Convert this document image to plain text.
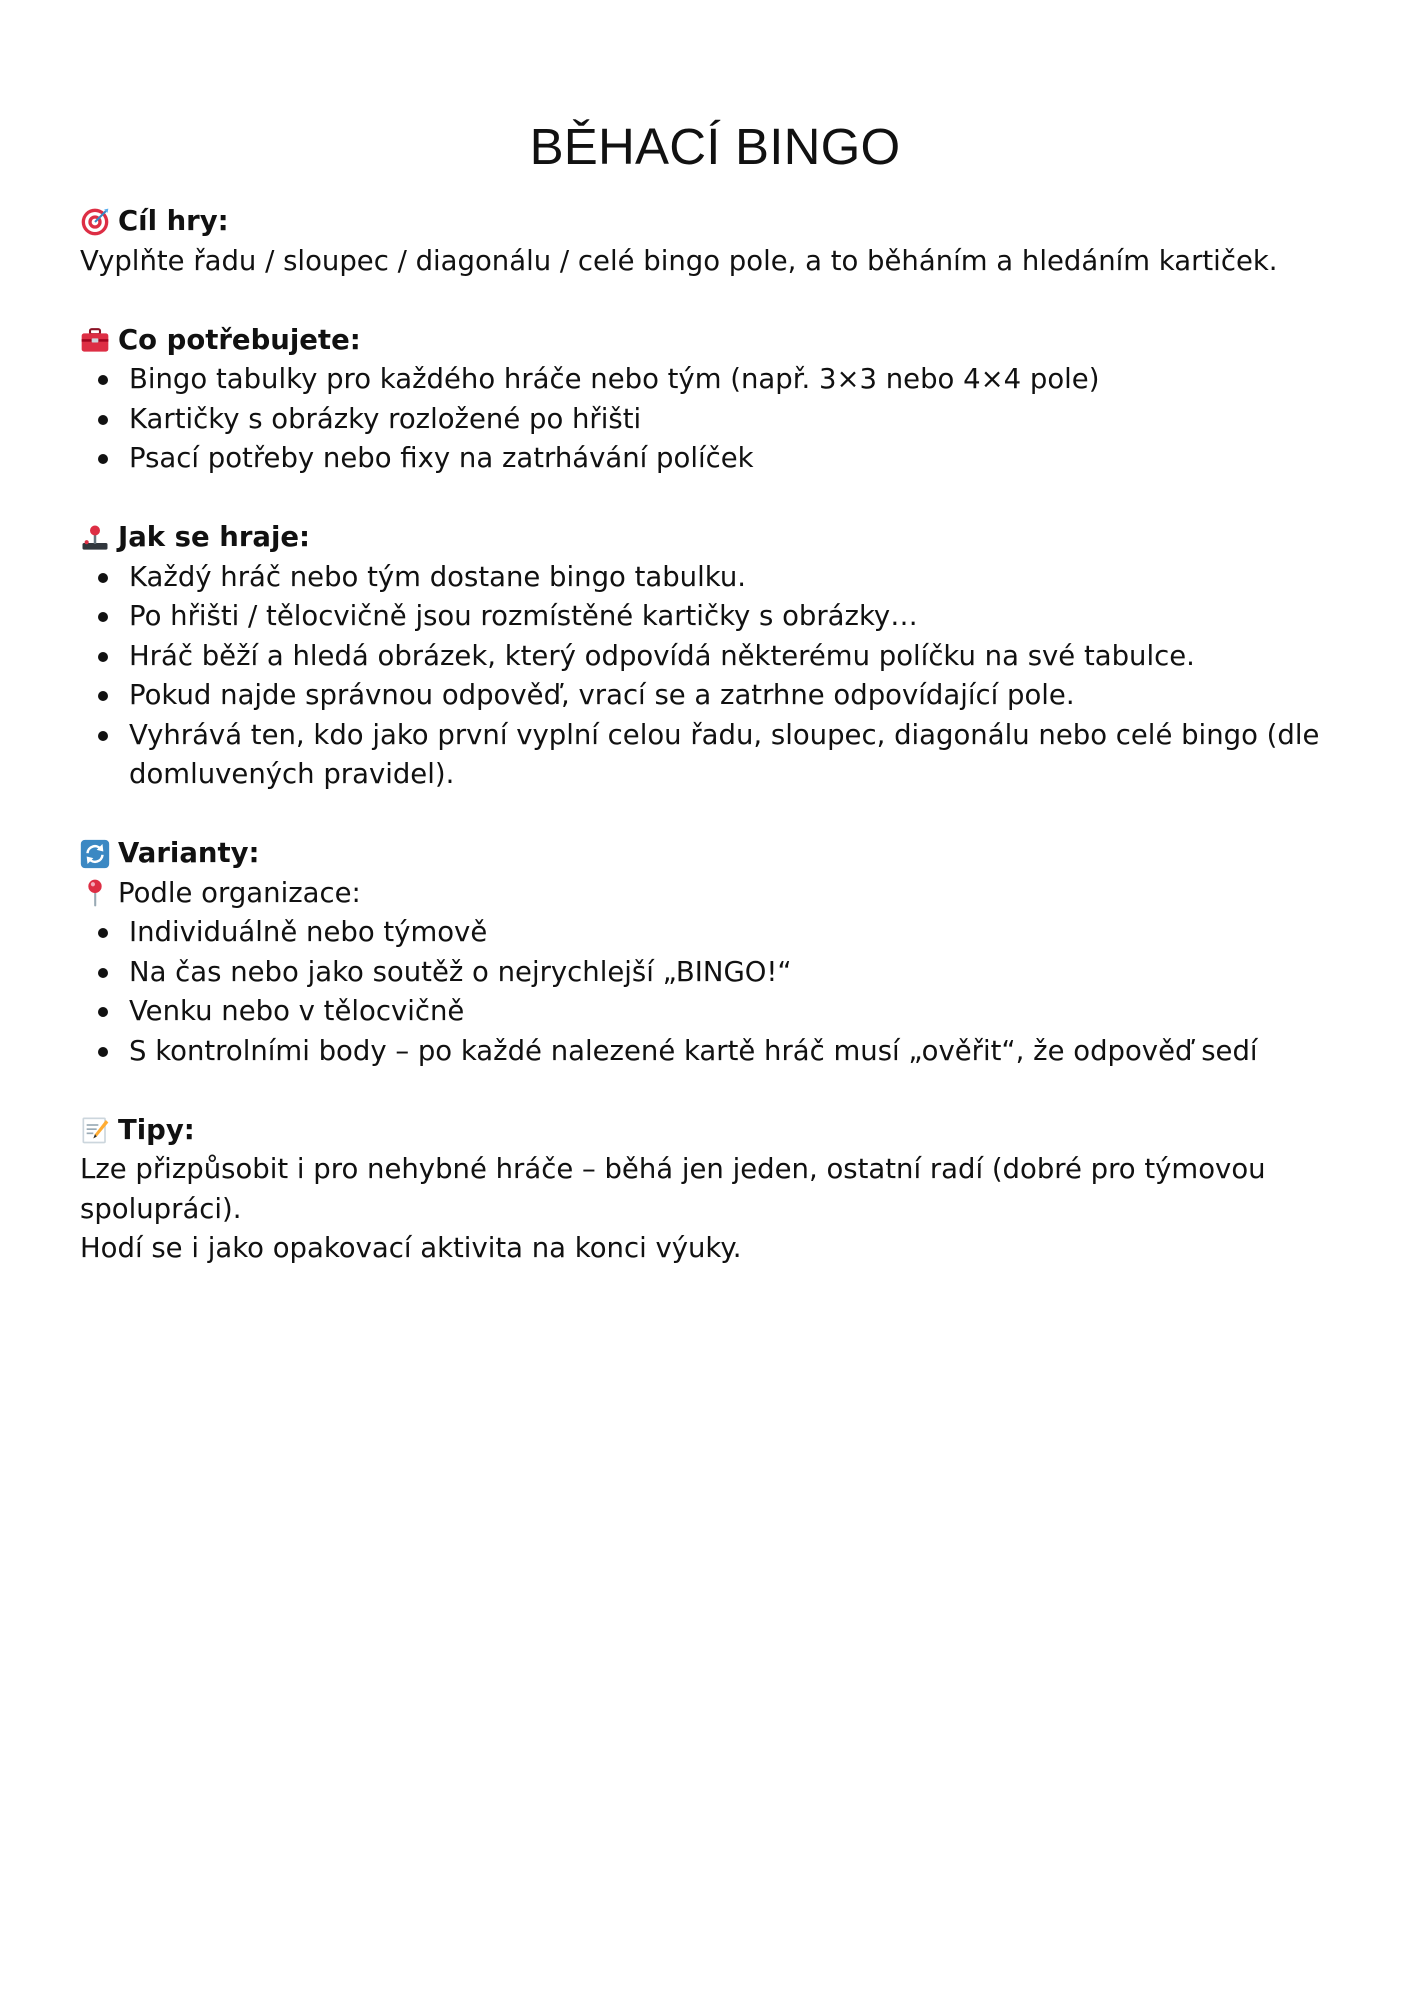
BĚHACÍ BINGO
Cíl hry:

Vyplňte řadu / sloupec / diagonálu / celé bingo pole, a to běháním a hledáním kartiček.

Co potřebujete:
Bingo tabulky pro každého hráče nebo tým (např. 3×3 nebo 4×4 pole)
Kartičky s obrázky rozložené po hřišti
Psací potřeby nebo fixy na zatrhávání políček
Jak se hraje:
Každý hráč nebo tým dostane bingo tabulku.
Po hřišti / tělocvičně jsou rozmístěné kartičky s obrázky…
Hráč běží a hledá obrázek, který odpovídá některému políčku na své tabulce.
Pokud najde správnou odpověď, vrací se a zatrhne odpovídající pole.
Vyhrává ten, kdo jako první vyplní celou řadu, sloupec, diagonálu nebo celé bingo (dle domluvených pravidel).
Varianty:
Podle organizace:
Individuálně nebo týmově
Na čas nebo jako soutěž o nejrychlejší „BINGO!“
Venku nebo v tělocvičně
S kontrolními body – po každé nalezené kartě hráč musí „ověřit“, že odpověď sedí
Tipy:

Lze přizpůsobit i pro nehybné hráče – běhá jen jeden, ostatní radí (dobré pro týmovou spolupráci).

Hodí se i jako opakovací aktivita na konci výuky.
